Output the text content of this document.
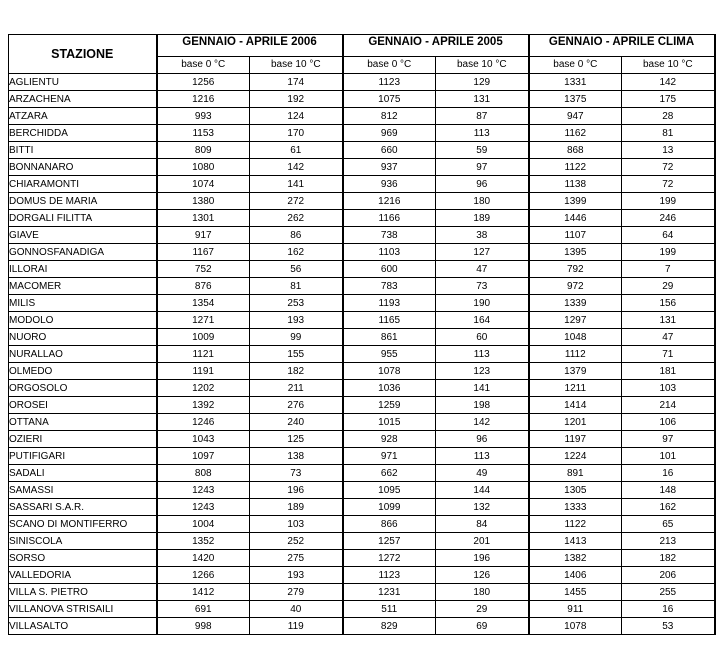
STAZIONE	GENNAIO - APRILE 2006		GENNAIO - APRILE 2005		GENNAIO - APRILE CLIMA	
	base 0 °C	base 10 °C	base 0 °C	base 10 °C	base 0 °C	base 10 °C
AGLIENTU	1256	174	1123	129	1331	142
ARZACHENA	1216	192	1075	131	1375	175
ATZARA	993	124	812	87	947	28
BERCHIDDA	1153	170	969	113	1162	81
BITTI	809	61	660	59	868	13
BONNANARO	1080	142	937	97	1122	72
CHIARAMONTI	1074	141	936	96	1138	72
DOMUS DE MARIA	1380	272	1216	180	1399	199
DORGALI FILITTA	1301	262	1166	189	1446	246
GIAVE	917	86	738	38	1107	64
GONNOSFANADIGA	1167	162	1103	127	1395	199
ILLORAI	752	56	600	47	792	7
MACOMER	876	81	783	73	972	29
MILIS	1354	253	1193	190	1339	156
MODOLO	1271	193	1165	164	1297	131
NUORO	1009	99	861	60	1048	47
NURALLAO	1121	155	955	113	1112	71
OLMEDO	1191	182	1078	123	1379	181
ORGOSOLO	1202	211	1036	141	1211	103
OROSEI	1392	276	1259	198	1414	214
OTTANA	1246	240	1015	142	1201	106
OZIERI	1043	125	928	96	1197	97
PUTIFIGARI	1097	138	971	113	1224	101
SADALI	808	73	662	49	891	16
SAMASSI	1243	196	1095	144	1305	148
SASSARI S.A.R.	1243	189	1099	132	1333	162
SCANO DI MONTIFERRO	1004	103	866	84	1122	65
SINISCOLA	1352	252	1257	201	1413	213
SORSO	1420	275	1272	196	1382	182
VALLEDORIA	1266	193	1123	126	1406	206
VILLA S. PIETRO	1412	279	1231	180	1455	255
VILLANOVA STRISAILI	691	40	511	29	911	16
VILLASALTO	998	119	829	69	1078	53
